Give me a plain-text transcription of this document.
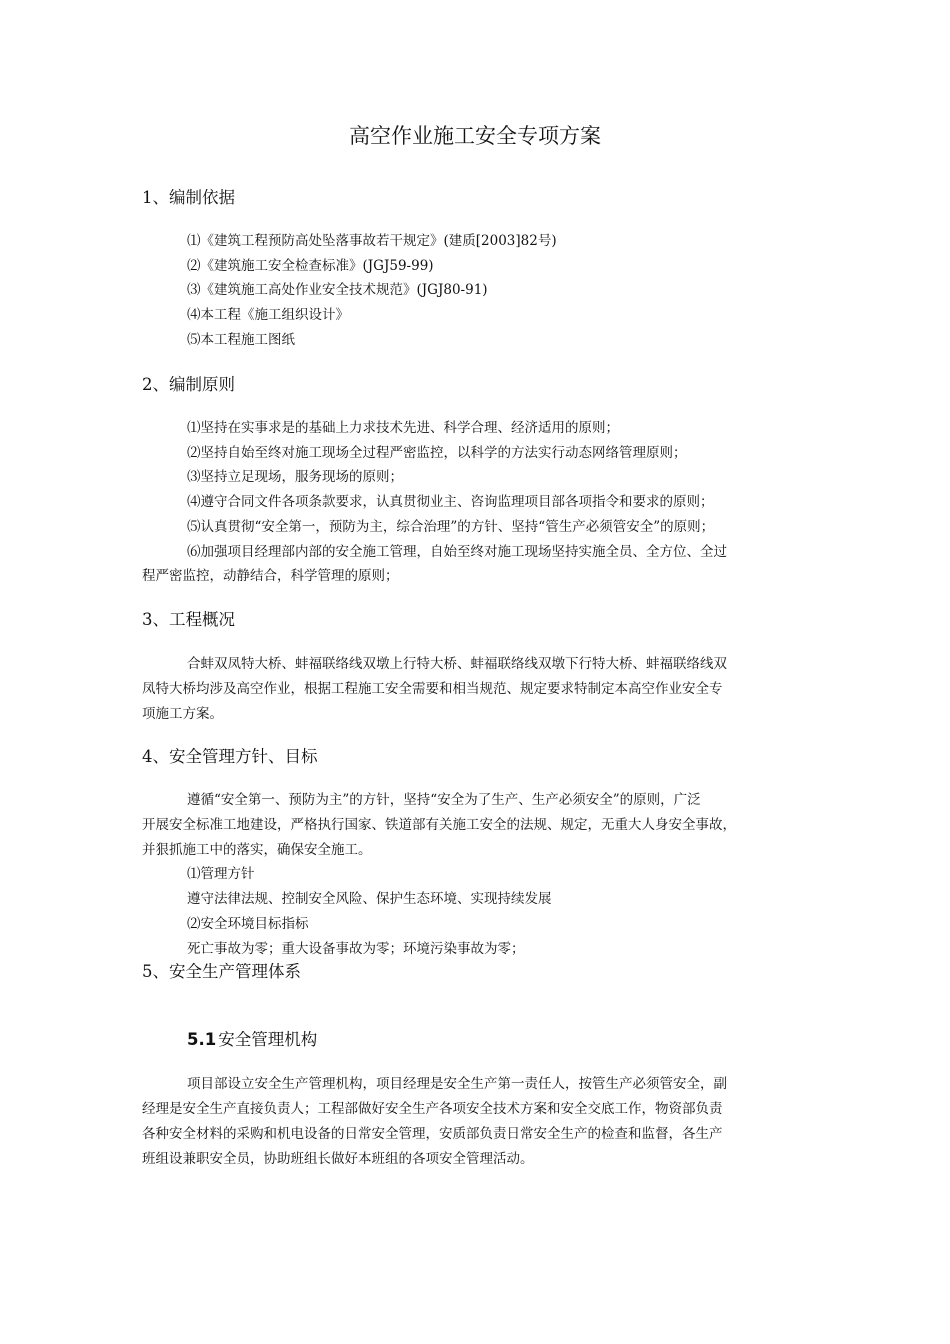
高空作业施工安全专项方案
1、编制依据
⑴《建筑工程预防高处坠落事故若干规定》(建质[2003]82号)
⑵《建筑施工安全检查标准》(JGJ59-99)
⑶《建筑施工高处作业安全技术规范》(JGJ80-91)
⑷本工程《施工组织设计》
⑸本工程施工图纸
2、编制原则
⑴坚持在实事求是的基础上力求技术先进、科学合理、经济适用的原则；
⑵坚持自始至终对施工现场全过程严密监控，以科学的方法实行动态网络管理原则；
⑶坚持立足现场，服务现场的原则；
⑷遵守合同文件各项条款要求，认真贯彻业主、咨询监理项目部各项指令和要求的原则；
⑸认真贯彻“安全第一，预防为主，综合治理”的方针、坚持“管生产必须管安全”的原则；
⑹加强项目经理部内部的安全施工管理，自始至终对施工现场坚持实施全员、全方位、全过
程严密监控，动静结合，科学管理的原则；
3、工程概况
合蚌双凤特大桥、蚌福联络线双墩上行特大桥、蚌福联络线双墩下行特大桥、蚌福联络线双
凤特大桥均涉及高空作业，根据工程施工安全需要和相当规范、规定要求特制定本高空作业安全专
项施工方案。
4、安全管理方针、目标
遵循“安全第一、预防为主”的方针，坚持“安全为了生产、生产必须安全”的原则，广泛
开展安全标准工地建设，严格执行国家、铁道部有关施工安全的法规、规定，无重大人身安全事故，
并狠抓施工中的落实，确保安全施工。
⑴管理方针
遵守法律法规、控制安全风险、保护生态环境、实现持续发展
⑵安全环境目标指标
死亡事故为零；重大设备事故为零；环境污染事故为零；
5、安全生产管理体系
5.1 安全管理机构
项目部设立安全生产管理机构，项目经理是安全生产第一责任人，按管生产必须管安全，副
经理是安全生产直接负责人；工程部做好安全生产各项安全技术方案和安全交底工作，物资部负责
各种安全材料的采购和机电设备的日常安全管理，安质部负责日常安全生产的检查和监督，各生产
班组设兼职安全员，协助班组长做好本班组的各项安全管理活动。
